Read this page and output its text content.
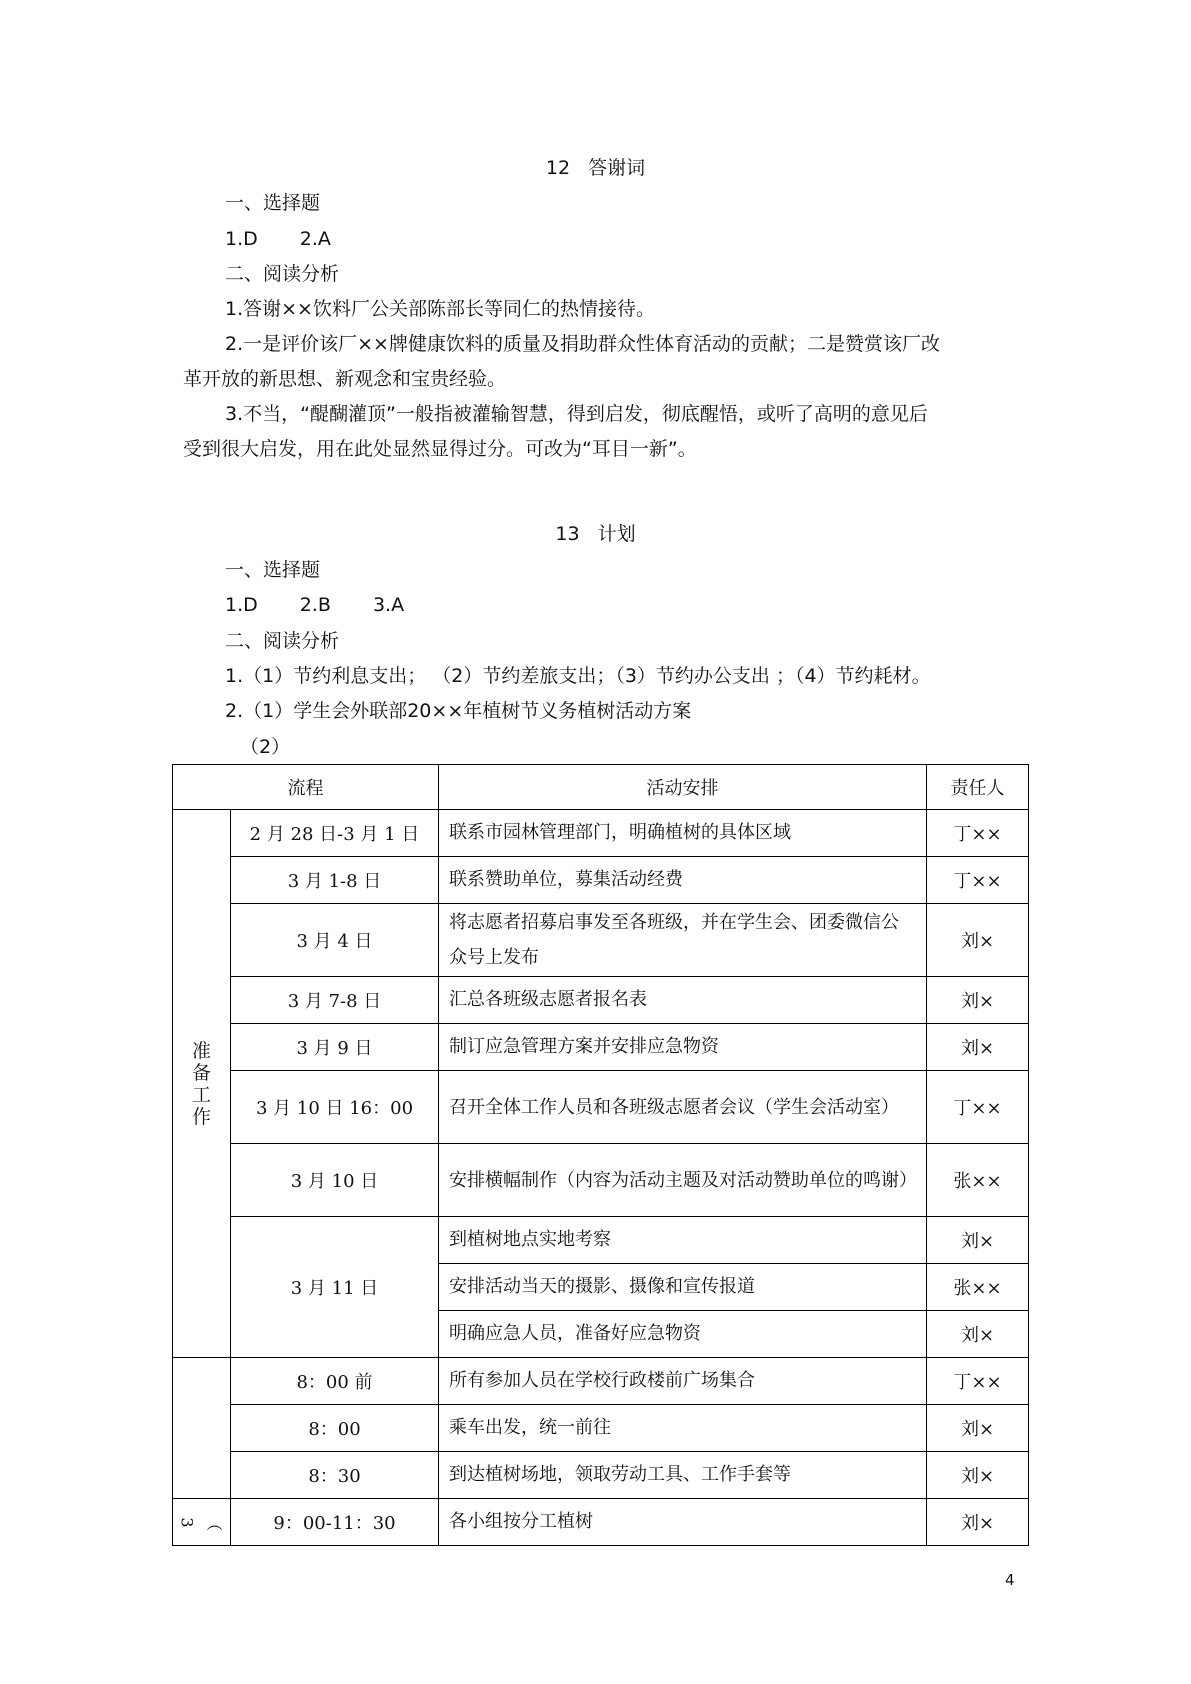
12 答谢词
一、选择题
1.D 2.A
二、阅读分析
1.答谢××饮料厂公关部陈部长等同仁的热情接待。
2.一是评价该厂××牌健康饮料的质量及捐助群众性体育活动的贡献；二是赞赏该厂改
革开放的新思想、新观念和宝贵经验。
3.不当，“醍醐灌顶”一般指被灌输智慧，得到启发，彻底醒悟，或听了高明的意见后
受到很大启发，用在此处显然显得过分。可改为“耳目一新”。
13 计划
一、选择题
1.D 2.B 3.A
二、阅读分析
1.（1）节约利息支出； （2）节约差旅支出；（3）节约办公支出 ；（4）节约耗材。
2.（1）学生会外联部20××年植树节义务植树活动方案
（2）
流程		活动安排	责任人
准备工作	2 月 28 日-3 月 1 日	联系市园林管理部门，明确植树的具体区域	丁××
	3 月 1-8 日	联系赞助单位，募集活动经费	丁××
	3 月 4 日	将志愿者招募启事发至各班级，并在学生会、团委微信公众号上发布	刘×
	3 月 7-8 日	汇总各班级志愿者报名表	刘×
	3 月 9 日	制订应急管理方案并安排应急物资	刘×
	3 月 10 日 16：00	召开全体工作人员和各班级志愿者会议（学生会活动室）	丁××
	3 月 10 日	安排横幅制作（内容为活动主题及对活动赞助单位的鸣谢）	张××
	3 月 11 日	到植树地点实地考察	刘×
		安排活动当天的摄影、摄像和宣传报道	张××
		明确应急人员，准备好应急物资	刘×
	8：00 前	所有参加人员在学校行政楼前广场集合	丁××
	8：00	乘车出发，统一前往	刘×
	8：30	到达植树场地，领取劳动工具、工作手套等	刘×

3 ︵	9：00-11：30	各小组按分工植树	刘×
4
